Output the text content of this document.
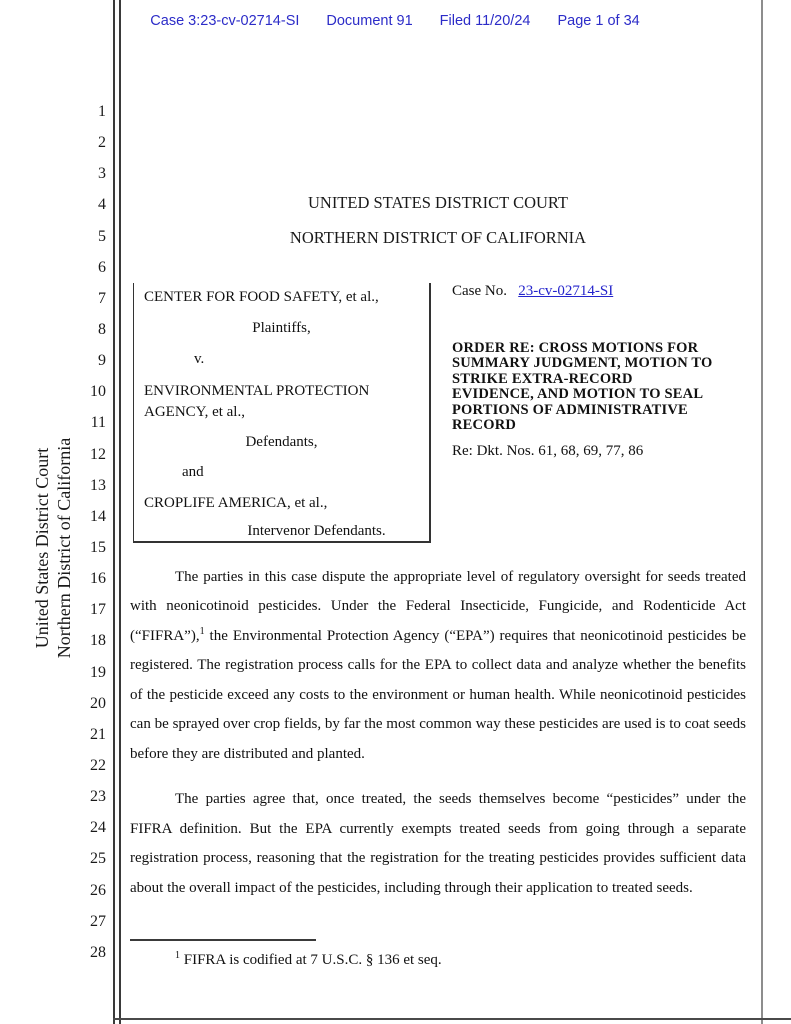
United States District Court Northern District of California
1
2
3
4
5
6
7
8
9
10
11
12
13
14
15
16
17
18
19
20
21
22
23
24
25
26
27
28
Case 3:23-cv-02714-SI Document 91 Filed 11/20/24 Page 1 of 34
UNITED STATES DISTRICT COURT
NORTHERN DISTRICT OF CALIFORNIA
CENTER FOR FOOD SAFETY, et al.,
Plaintiffs,
v.
ENVIRONMENTAL PROTECTION AGENCY, et al.,
Defendants,
and
CROPLIFE AMERICA, et al.,
Intervenor Defendants.
Case No. 23-cv-02714-SI
ORDER RE: CROSS MOTIONS FOR
SUMMARY JUDGMENT, MOTION TO
STRIKE EXTRA-RECORD
EVIDENCE, AND MOTION TO SEAL
PORTIONS OF ADMINISTRATIVE
RECORD
Re: Dkt. Nos. 61, 68, 69, 77, 86

The parties in this case dispute the appropriate level of regulatory oversight for seeds treated with neonicotinoid pesticides. Under the Federal Insecticide, Fungicide, and Rodenticide Act (“FIFRA”),$^1$ the Environmental Protection Agency (“EPA”) requires that neonicotinoid pesticides be registered. The registration process calls for the EPA to collect data and analyze whether the benefits of the pesticide exceed any costs to the environment or human health. While neonicotinoid pesticides can be sprayed over crop fields, by far the most common way these pesticides are used is to coat seeds before they are distributed and planted.

The parties agree that, once treated, the seeds themselves become “pesticides” under the FIFRA definition. But the EPA currently exempts treated seeds from going through a separate registration process, reasoning that the registration for the treating pesticides provides sufficient data about the overall impact of the pesticides, including through their application to treated seeds.

$^1$ FIFRA is codified at 7 U.S.C. § 136 et seq.
